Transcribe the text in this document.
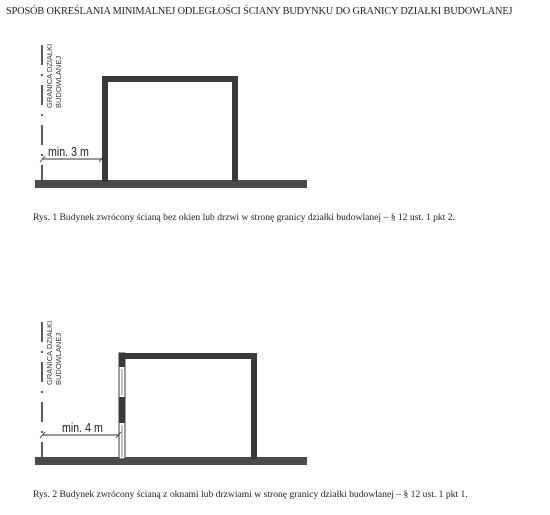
SPOSÓB OKREŚLANIA MINIMALNEJ ODLEGŁOŚCI ŚCIANY BUDYNKU DO GRANICY DZIAŁKI BUDOWLANEJ
GRANICA DZIAŁKI BUDOWLANEJ
min. 3 m
GRANICA DZIAŁKI BUDOWLANEJ
min. 4 m
Rys. 1 Budynek zwrócony ścianą bez okien lub drzwi w stronę granicy działki budowlanej – § 12 ust. 1 pkt 2.
Rys. 2 Budynek zwrócony ścianą z oknami lub drzwiami w stronę granicy działki budowlanej – § 12 ust. 1 pkt 1.
